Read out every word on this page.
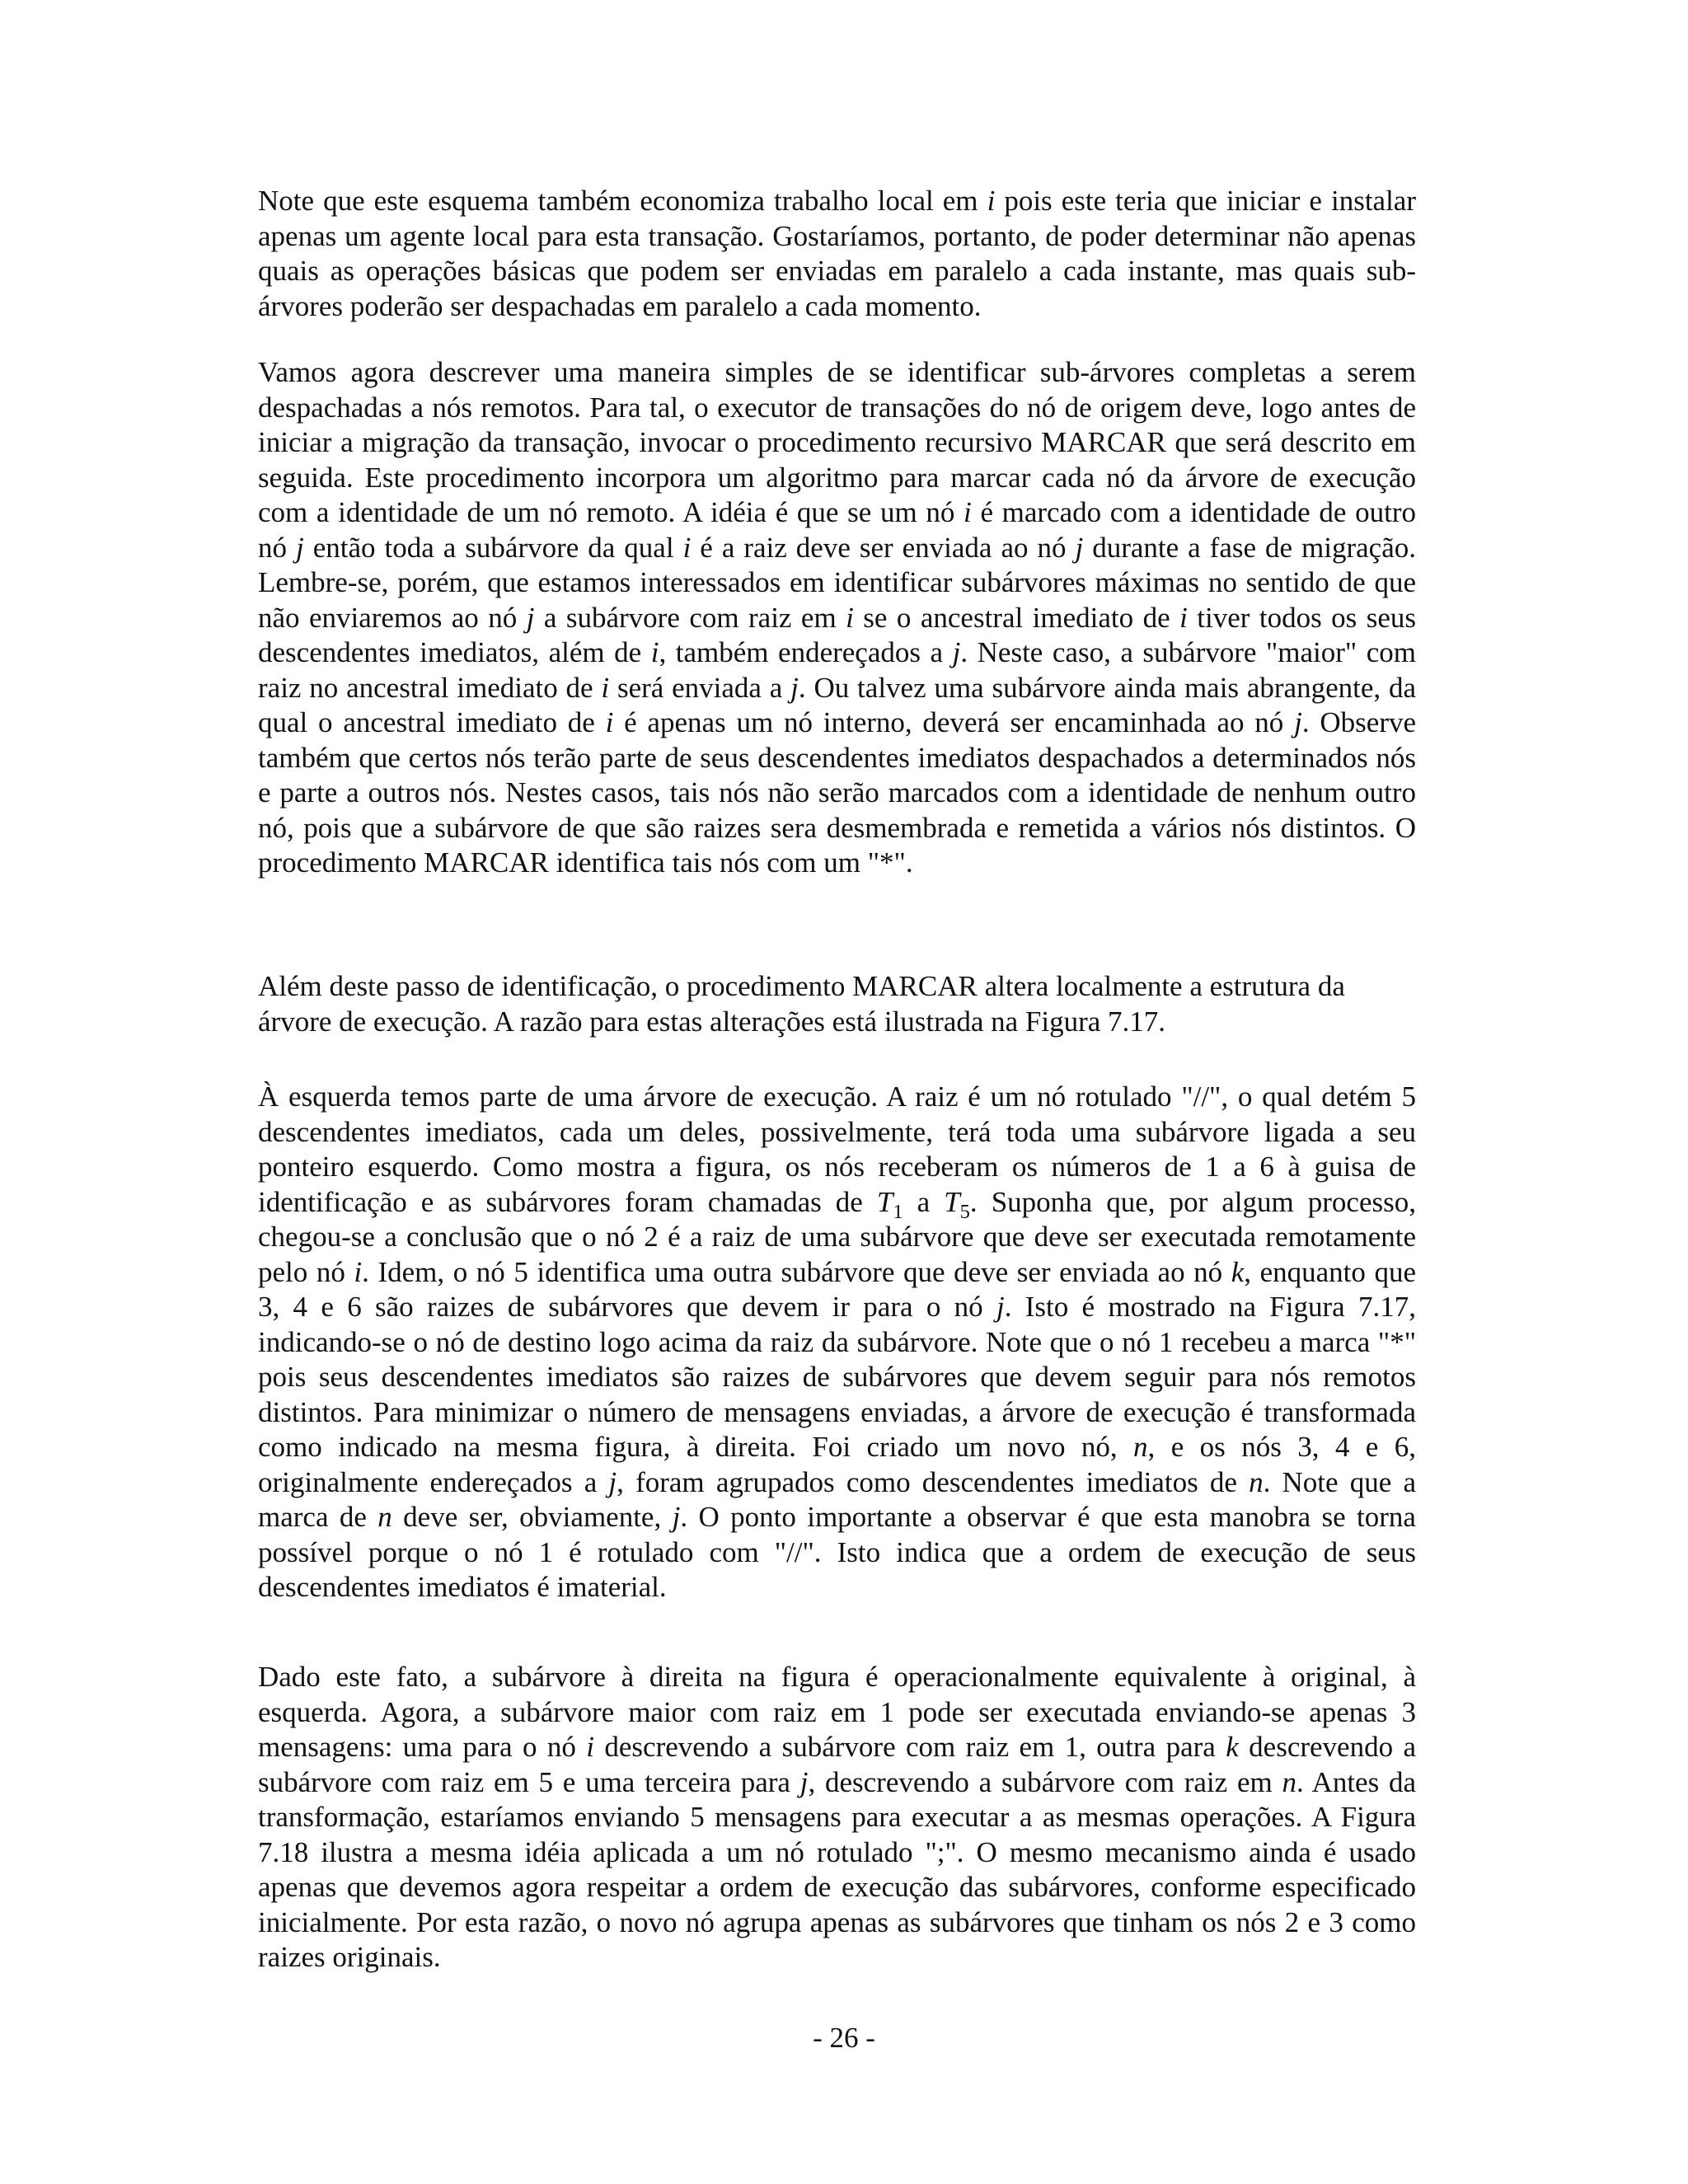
Note que este esquema também economiza trabalho local em i pois este teria que iniciar e instalar apenas um agente local para esta transação. Gostaríamos, portanto, de poder determinar não apenas quais as operações básicas que podem ser enviadas em paralelo a cada instante, mas quais sub-árvores poderão ser despachadas em paralelo a cada momento.

Vamos agora descrever uma maneira simples de se identificar sub-árvores completas a serem despachadas a nós remotos. Para tal, o executor de transações do nó de origem deve, logo antes de iniciar a migração da transação, invocar o procedimento recursivo MARCAR que será descrito em seguida. Este procedimento incorpora um algoritmo para marcar cada nó da árvore de execução com a identidade de um nó remoto. A idéia é que se um nó i é marcado com a identidade de outro nó j então toda a subárvore da qual i é a raiz deve ser enviada ao nó j durante a fase de migração. Lembre-se, porém, que estamos interessados em identificar subárvores máximas no sentido de que não enviaremos ao nó j a subárvore com raiz em i se o ancestral imediato de i tiver todos os seus descendentes imediatos, além de i, também endereçados a j. Neste caso, a subárvore "maior" com raiz no ancestral imediato de i será enviada a j. Ou talvez uma subárvore ainda mais abrangente, da qual o ancestral imediato de i é apenas um nó interno, deverá ser encaminhada ao nó j. Observe também que certos nós terão parte de seus descendentes imediatos despachados a determinados nós e parte a outros nós. Nestes casos, tais nós não serão marcados com a identidade de nenhum outro nó, pois que a subárvore de que são raizes sera desmembrada e remetida a vários nós distintos. O procedimento MARCAR identifica tais nós com um "*".

Além deste passo de identificação, o procedimento MARCAR altera localmente a estrutura da árvore de execução. A razão para estas alterações está ilustrada na Figura 7.17.

À esquerda temos parte de uma árvore de execução. A raiz é um nó rotulado "//", o qual detém 5 descendentes imediatos, cada um deles, possivelmente, terá toda uma subárvore ligada a seu ponteiro esquerdo. Como mostra a figura, os nós receberam os números de 1 a 6 à guisa de identificação e as subárvores foram chamadas de $T_1$ a $T_5$. Suponha que, por algum processo, chegou-se a conclusão que o nó 2 é a raiz de uma subárvore que deve ser executada remotamente pelo nó i. Idem, o nó 5 identifica uma outra subárvore que deve ser enviada ao nó k, enquanto que 3, 4 e 6 são raizes de subárvores que devem ir para o nó j. Isto é mostrado na Figura 7.17, indicando-se o nó de destino logo acima da raiz da subárvore. Note que o nó 1 recebeu a marca "*" pois seus descendentes imediatos são raizes de subárvores que devem seguir para nós remotos distintos. Para minimizar o número de mensagens enviadas, a árvore de execução é transformada como indicado na mesma figura, à direita. Foi criado um novo nó, n, e os nós 3, 4 e 6, originalmente endereçados a j, foram agrupados como descendentes imediatos de n. Note que a marca de n deve ser, obviamente, j. O ponto importante a observar é que esta manobra se torna possível porque o nó 1 é rotulado com "//". Isto indica que a ordem de execução de seus descendentes imediatos é imaterial.

Dado este fato, a subárvore à direita na figura é operacionalmente equivalente à original, à esquerda. Agora, a subárvore maior com raiz em 1 pode ser executada enviando-se apenas 3 mensagens: uma para o nó i descrevendo a subárvore com raiz em 1, outra para k descrevendo a subárvore com raiz em 5 e uma terceira para j, descrevendo a subárvore com raiz em n. Antes da transformação, estaríamos enviando 5 mensagens para executar a as mesmas operações. A Figura 7.18 ilustra a mesma idéia aplicada a um nó rotulado ";". O mesmo mecanismo ainda é usado apenas que devemos agora respeitar a ordem de execução das subárvores, conforme especificado inicialmente. Por esta razão, o novo nó agrupa apenas as subárvores que tinham os nós 2 e 3 como raizes originais.

- 26 -
